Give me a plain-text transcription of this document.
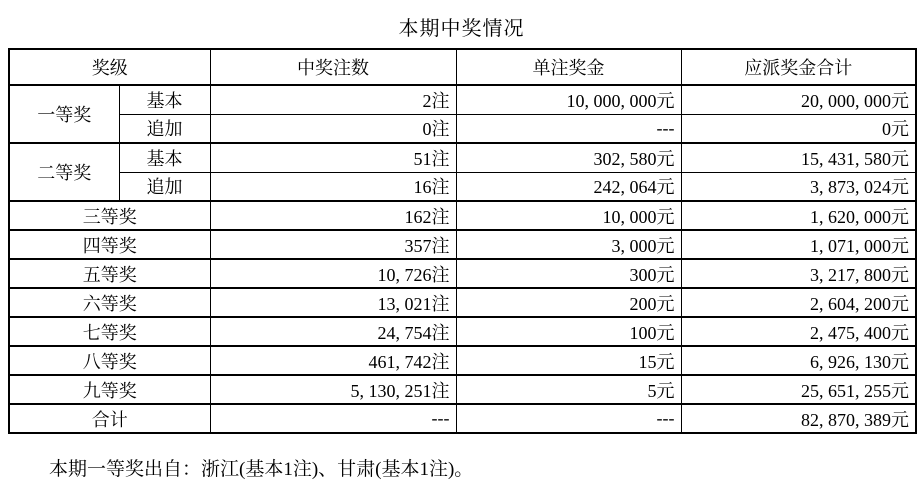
本期中奖情况
奖级		中奖注数	单注奖金	应派奖金合计
一等奖	基本	2注	10, 000, 000元	20, 000, 000元
	追加	0注	---	0元
二等奖	基本	51注	302, 580元	15, 431, 580元
	追加	16注	242, 064元	3, 873, 024元
三等奖		162注	10, 000元	1, 620, 000元
四等奖		357注	3, 000元	1, 071, 000元
五等奖		10, 726注	300元	3, 217, 800元
六等奖		13, 021注	200元	2, 604, 200元
七等奖		24, 754注	100元	2, 475, 400元
八等奖		461, 742注	15元	6, 926, 130元
九等奖		5, 130, 251注	5元	25, 651, 255元
合计		---	---	82, 870, 389元
本期一等奖出自：浙江(基本1注)、甘肃(基本1注)。
